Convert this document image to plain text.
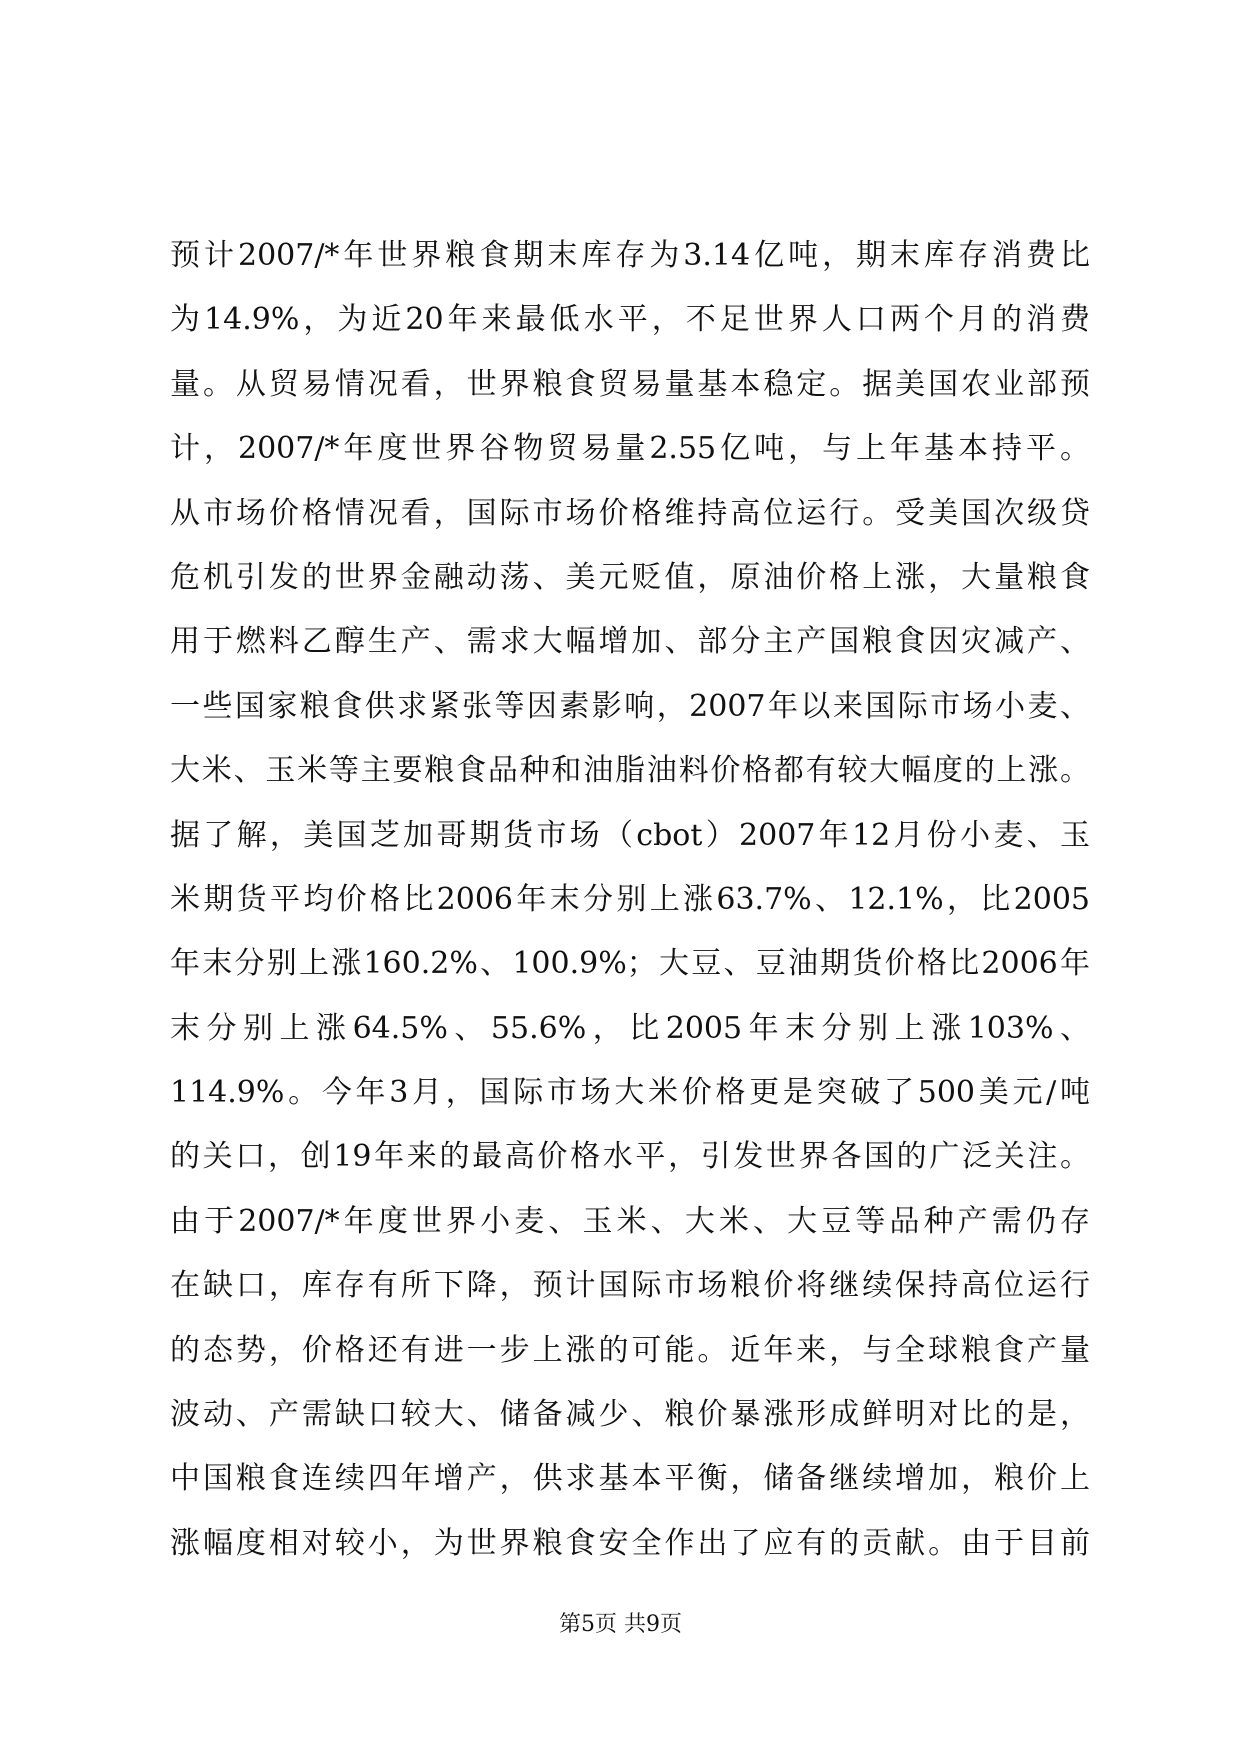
预计2007/*年世界粮食期末库存为3.14亿吨，期末库存消费比
为14.9%，为近20年来最低水平，不足世界人口两个月的消费
量。从贸易情况看，世界粮食贸易量基本稳定。据美国农业部预
计，2007/*年度世界谷物贸易量2.55亿吨，与上年基本持平。
从市场价格情况看，国际市场价格维持高位运行。受美国次级贷
危机引发的世界金融动荡、美元贬值，原油价格上涨，大量粮食
用于燃料乙醇生产、需求大幅增加、部分主产国粮食因灾减产、
一些国家粮食供求紧张等因素影响，2007年以来国际市场小麦、
大米、玉米等主要粮食品种和油脂油料价格都有较大幅度的上涨。
据了解，美国芝加哥期货市场（cbot）2007年12月份小麦、玉
米期货平均价格比2006年末分别上涨63.7%、12.1%，比2005
年末分别上涨160.2%、100.9%；大豆、豆油期货价格比2006年
末分别上涨64.5%、55.6%，比2005年末分别上涨103%、
114.9%。今年3月，国际市场大米价格更是突破了500美元/吨
的关口，创19年来的最高价格水平，引发世界各国的广泛关注。
由于2007/*年度世界小麦、玉米、大米、大豆等品种产需仍存
在缺口，库存有所下降，预计国际市场粮价将继续保持高位运行
的态势，价格还有进一步上涨的可能。近年来，与全球粮食产量
波动、产需缺口较大、储备减少、粮价暴涨形成鲜明对比的是，
中国粮食连续四年增产，供求基本平衡，储备继续增加，粮价上
涨幅度相对较小，为世界粮食安全作出了应有的贡献。由于目前
第5页 共9页
